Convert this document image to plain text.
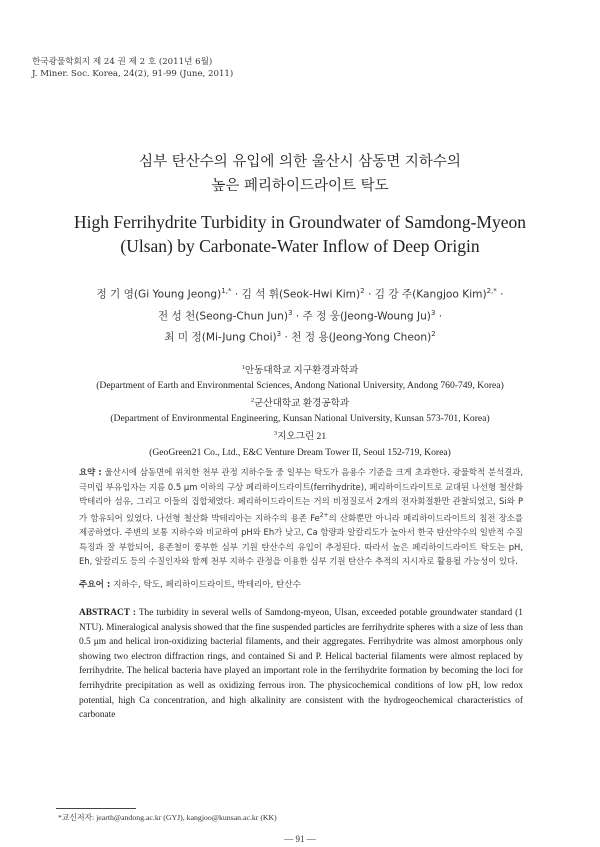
한국광물학회지 제 24 권 제 2 호 (2011년 6월)
J. Miner. Soc. Korea, 24(2), 91-99 (June, 2011)
심부 탄산수의 유입에 의한 울산시 삼동면 지하수의
높은 페리하이드라이트 탁도
High Ferrihydrite Turbidity in Groundwater of Samdong-Myeon
(Ulsan) by Carbonate-Water Inflow of Deep Origin
정 기 영(Gi Young Jeong)$^{1,*}$ · 김 석 휘(Seok-Hwi Kim)$^2$ · 김 강 주(Kangjoo Kim)$^{2,*}$ ·
전 성 천(Seong-Chun Jun)$^3$ · 주 정 웅(Jeong-Woung Ju)$^3$ ·
최 미 정(Mi-Jung Choi)$^3$ · 천 정 용(Jeong-Yong Cheon)$^2$
$^1$안동대학교 지구환경과학과
(Department of Earth and Environmental Sciences, Andong National University, Andong 760-749, Korea)
$^2$군산대학교 환경공학과
(Department of Environmental Engineering, Kunsan National University, Kunsan 573-701, Korea)
$^3$지오그린 21
(GeoGreen21 Co., Ltd., E&C Venture Dream Tower II, Seoul 152-719, Korea)
요약 : 울산시에 삼동면에 위치한 천부 관정 지하수들 중 일부는 탁도가 음용수 기준을 크게 초과한다. 광물학적 분석결과, 극미립 부유입자는 지름 0.5 μm 이하의 구상 페리하이드라이트(ferrihydrite), 페리하이드라이트로 교대된 나선형 철산화 박테리아 섬유, 그리고 이들의 집합체였다. 페리하이드라이트는 거의 비정질로서 2개의 전자회절환만 관찰되었고, Si와 P가 함유되어 있었다. 나선형 철산화 박테리아는 지하수의 용존 $Fe^{2+}$의 산화뿐만 아니라 페리하이드라이트의 침전 장소를 제공하였다. 주변의 보통 지하수와 비교하여 pH와 Eh가 낮고, Ca 함량과 알칼리도가 높아서 한국 탄산약수의 일반적 수질 특징과 잘 부합되어, 용존철이 풍부한 심부 기원 탄산수의 유입이 추정된다. 따라서 높은 페리하이드라이트 탁도는 pH, Eh, 알칼리도 등의 수질인자와 함께 천부 지하수 관정을 이용한 심부 기원 탄산수 추적의 지시자로 활용될 가능성이 있다.
주요어 : 지하수, 탁도, 페리하이드라이트, 박테리아, 탄산수
ABSTRACT : The turbidity in several wells of Samdong-myeon, Ulsan, exceeded potable groundwater standard (1 NTU). Mineralogical analysis showed that the fine suspended particles are ferrihydrite spheres with a size of less than 0.5 μm and helical iron-oxidizing bacterial filaments, and their aggregates. Ferrihydrite was almost amorphous only showing two electron diffraction rings, and contained Si and P. Helical bacterial filaments were almost replaced by ferrihydrite. The helical bacteria have played an important role in the ferrihydrite formation by becoming the loci for ferrihydrite precipitation as well as oxidizing ferrous iron. The physicochemical conditions of low pH, low redox potential, high Ca concentration, and high alkalinity are consistent with the hydrogeochemical characteristics of carbonate
*교신저자: jearth@andong.ac.kr (GYJ), kangjoo@kunsan.ac.kr (KK)
— 91 —
